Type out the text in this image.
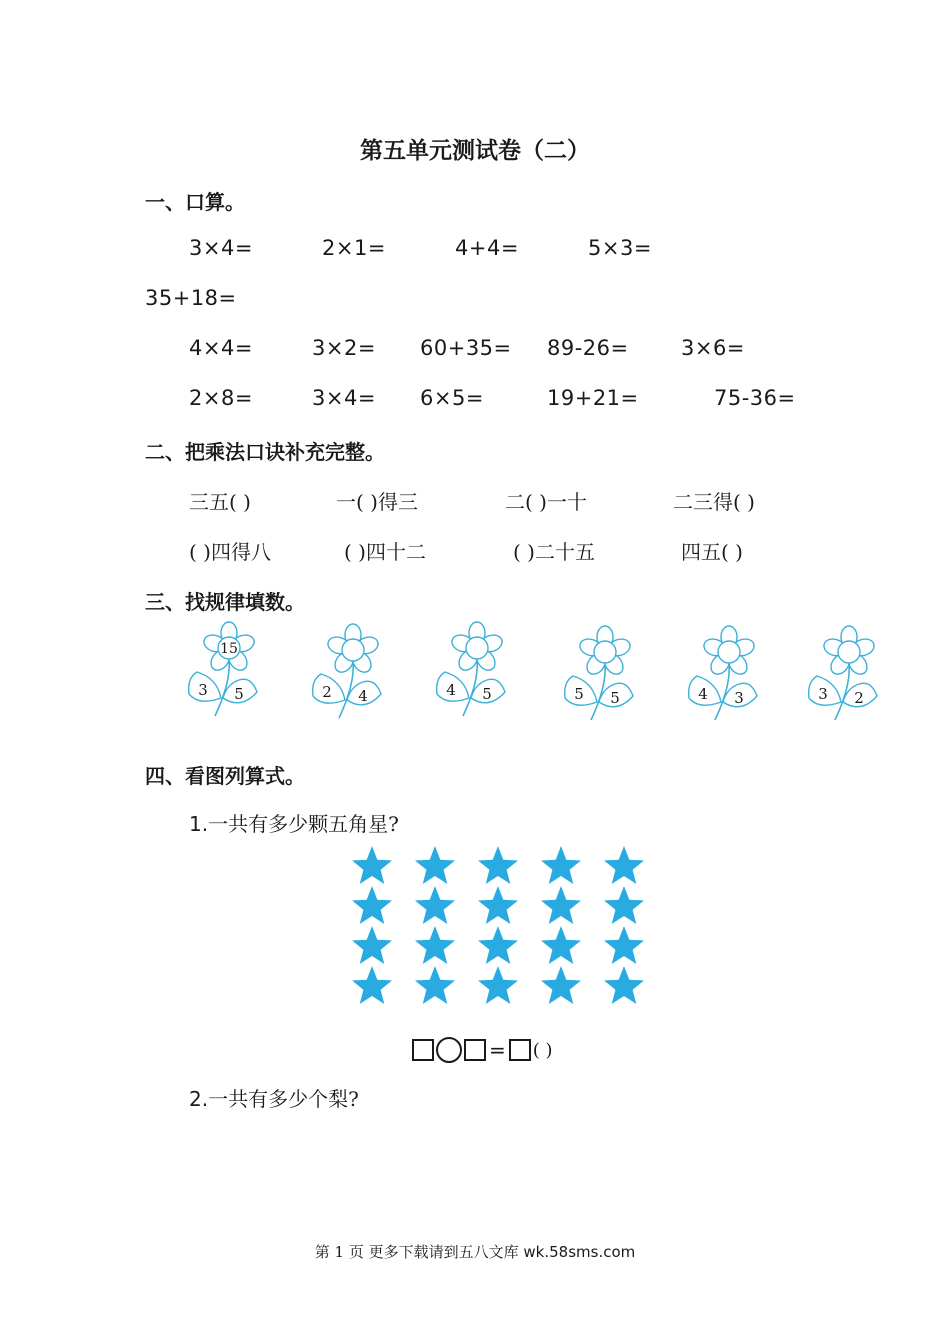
第五单元测试卷（二）
一、口算。
3×4=	2×1=	4+4=	5×3=
35+18=
4×4=	3×2= 60+35= 89-26= 3×6=
2×8=	3×4= 6×5=	19+21=	75-36=
二、把乘法口诀补充完整。
三五( )	一( )得三	二( )一十	二三得( )
( )四得八	( )四十二	( )二十五	四五( )
三、找规律填数。
15
3 5	2 4	4 5	5 5	4 3	3 2
四、看图列算式。
1.一共有多少颗五角星?
= ( )
2.一共有多少个梨?
第 1 页 更多下载请到五八文库 wk.58sms.com
